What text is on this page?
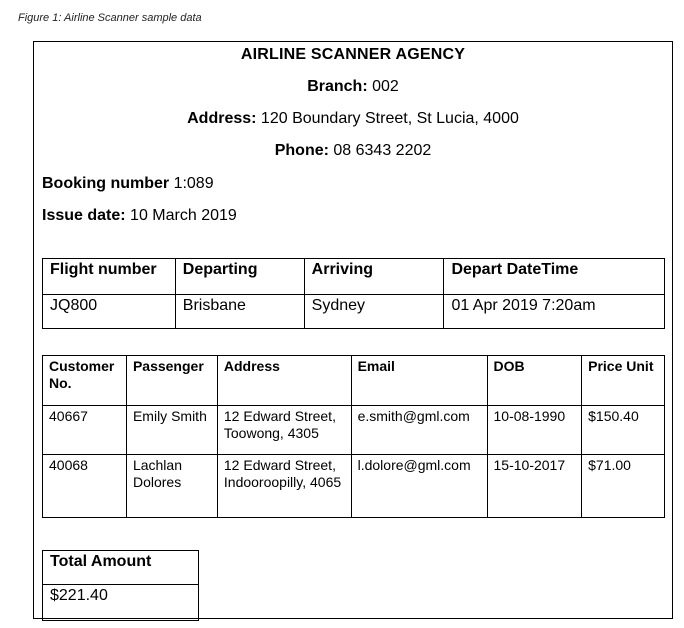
Figure 1: Airline Scanner sample data
AIRLINE SCANNER AGENCY
Branch: 002
Address: 120 Boundary Street, St Lucia, 4000
Phone: 08 6343 2202
Booking number 1:089
Issue date: 10 March 2019
Flight number	Departing	Arriving	Depart DateTime
JQ800	Brisbane	Sydney	01 Apr 2019 7:20am
Customer No.	Passenger	Address	Email	DOB	Price Unit
40667	Emily Smith	12 Edward Street, Toowong, 4305	e.smith@gml.com	10-08-1990	$150.40
40068	Lachlan Dolores	12 Edward Street, Indooroopilly, 4065	l.dolore@gml.com	15-10-2017	$71.00
Total Amount
$221.40
